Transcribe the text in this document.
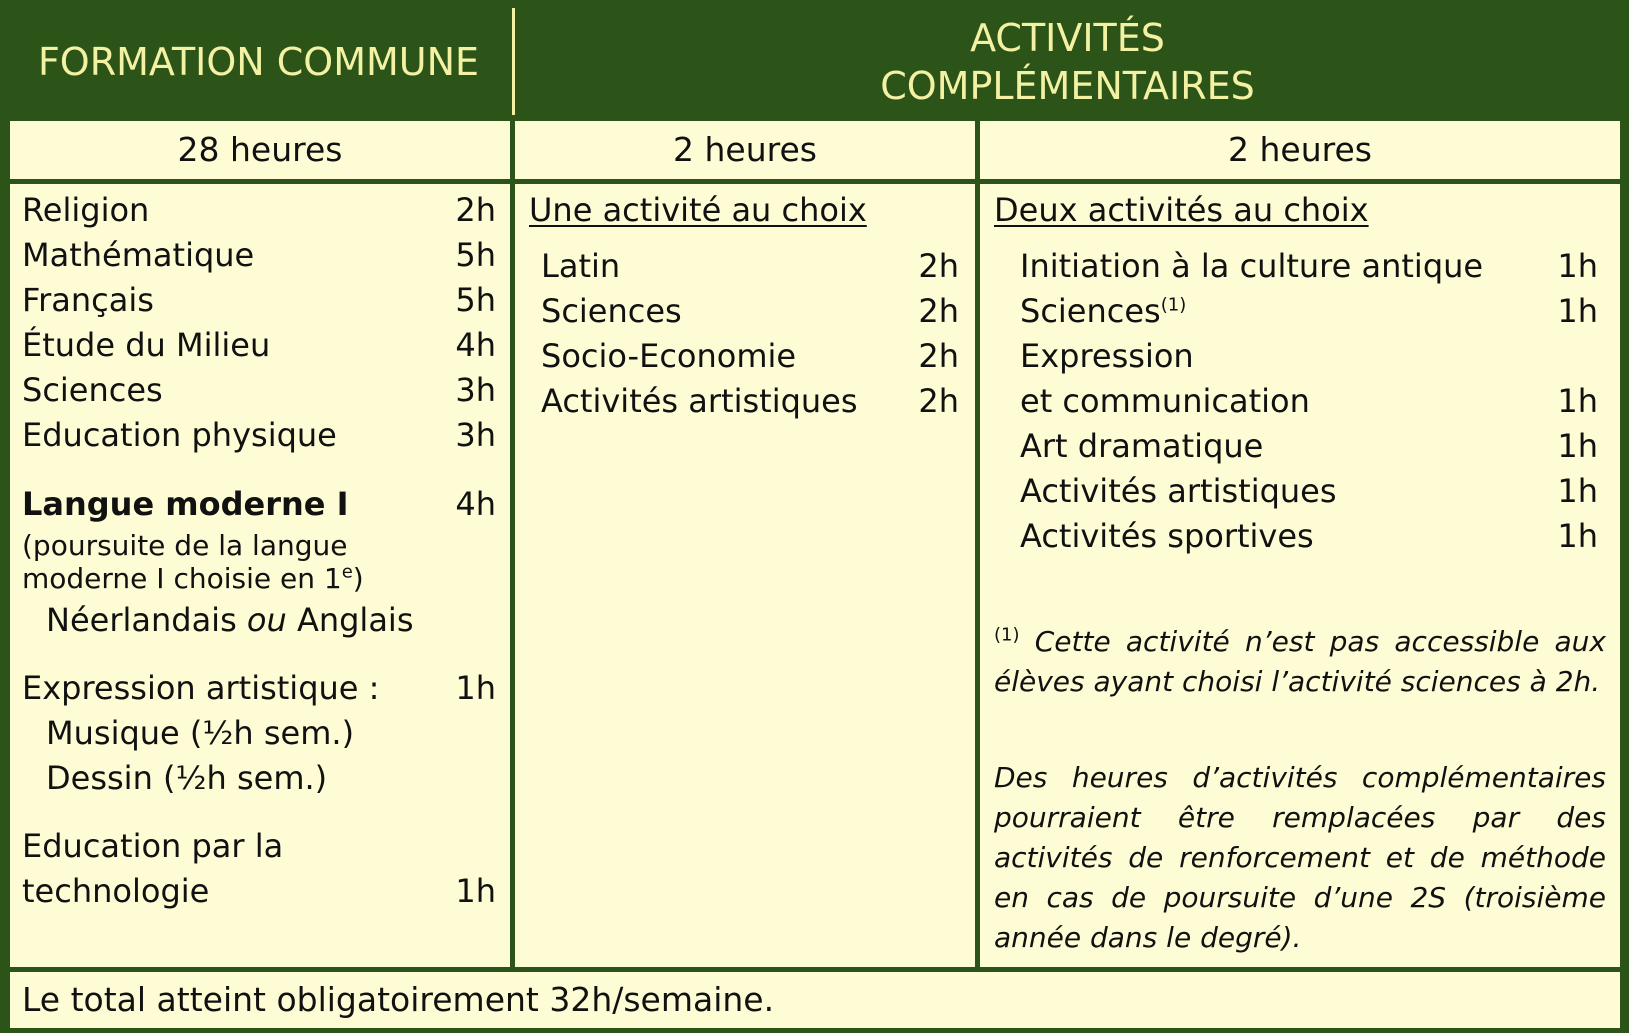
FORMATION COMMUNE
ACTIVITÉS
COMPLÉMENTAIRES
28 heures	2 heures	2 heures
Religion	2h
Mathématique	5h
Français	5h
Étude du Milieu	4h
Sciences	3h
Education physique	3h
Langue moderne I	4h
(poursuite de la langue
moderne I choisie en 1e)
Néerlandais ou Anglais
Expression artistique : 1h
Musique (½h sem.)
Dessin (½h sem.)
Education par la
technologie	1h
Une activité au choix
Latin	2h
Sciences	2h
Socio-Economie	2h
Activités artistiques 2h
Deux activités au choix
Initiation à la culture antique 1h
Sciences$^{(1)}$	1h
Expression
et communication	1h
Art dramatique	1h
Activités artistiques	1h
Activités sportives	1h
$^{(1)}$ Cette activité n’est pas accessible aux élèves ayant choisi l’activité sciences à 2h.
Des heures d’activités complémentaires pourraient être remplacées par des activités de renforcement et de méthode en cas de poursuite d’une 2S (troisième année dans le degré).
Le total atteint obligatoirement 32h/semaine.
